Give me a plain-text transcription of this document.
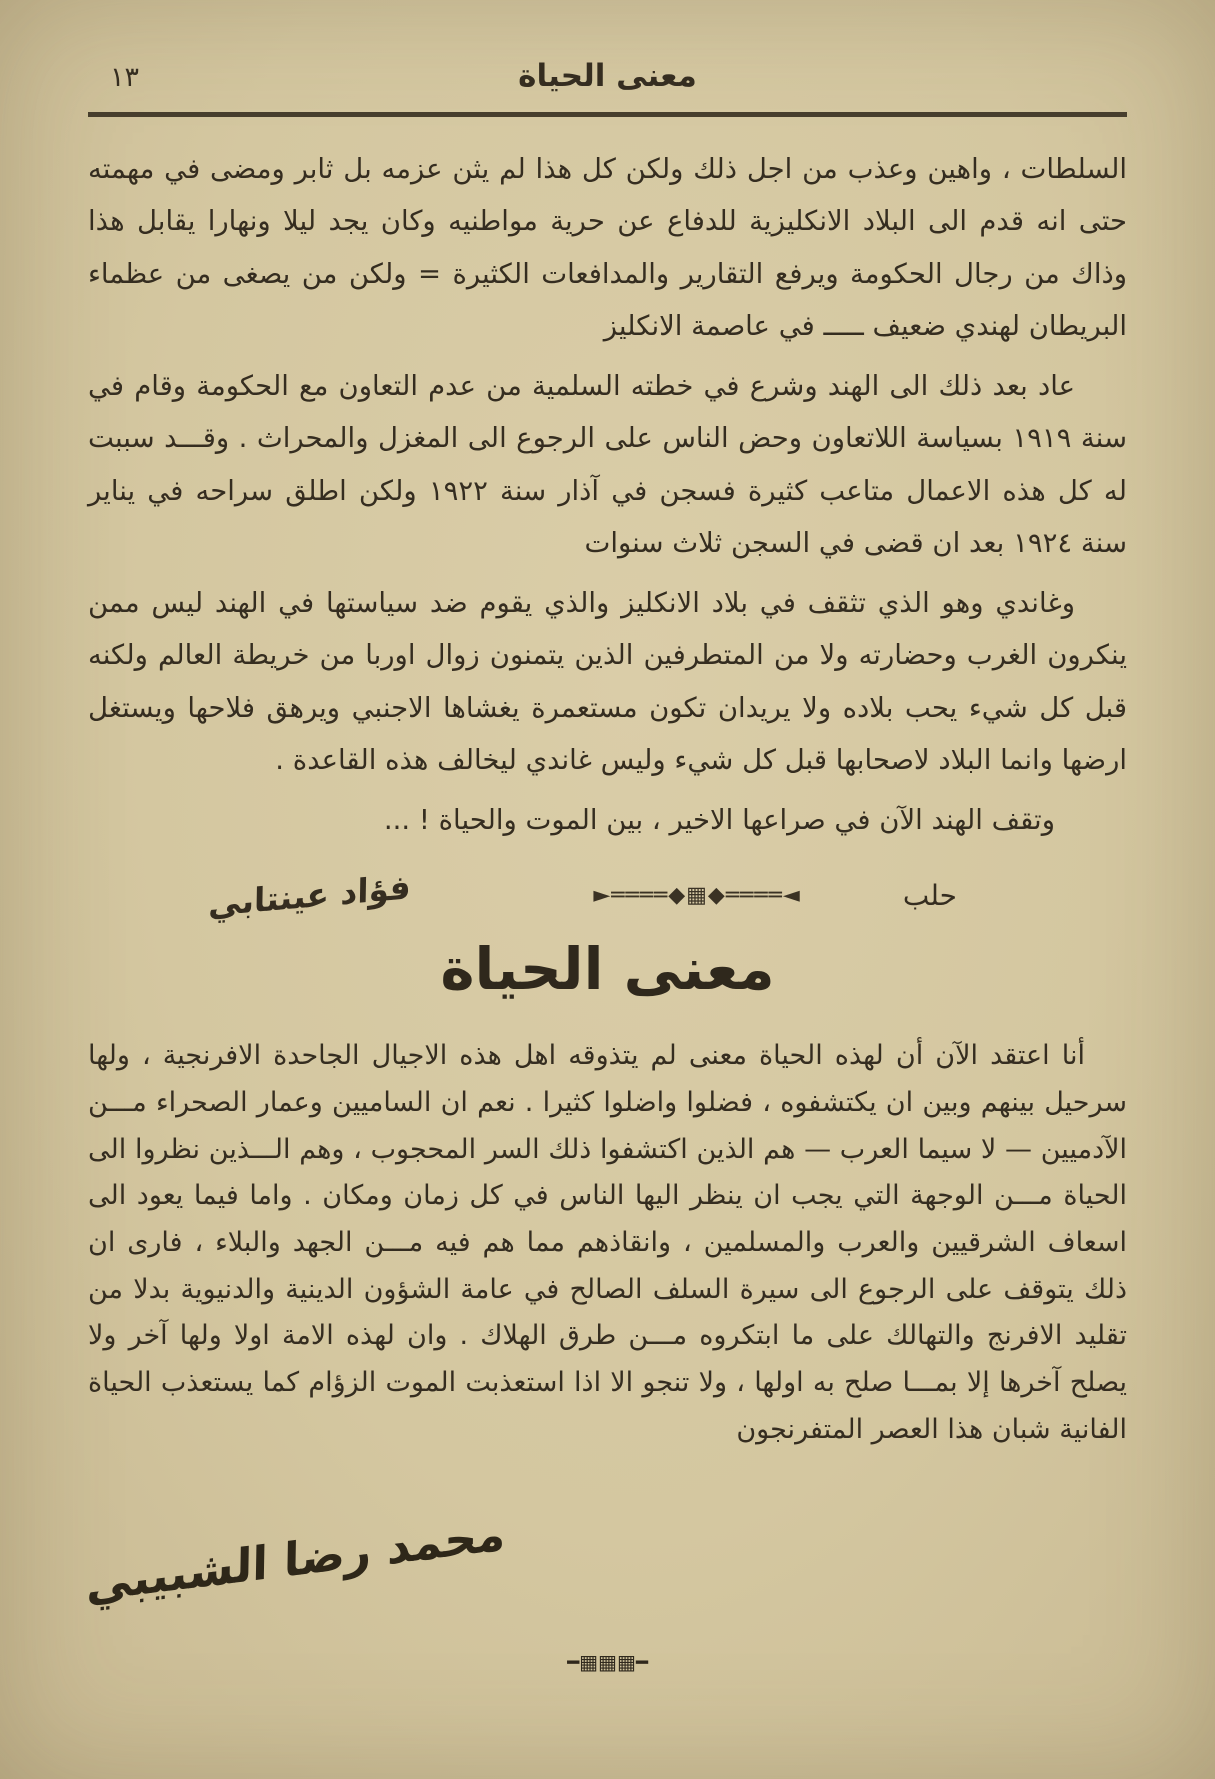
١٣	معنى الحياة

السلطات ، واهين وعذب من اجل ذلك ولكن كل هذا لم يثن عزمه بل ثابر ومضى في مهمته حتى انه قدم الى البلاد الانكليزية للدفاع عن حرية مواطنيه وكان يجد ليلا ونهارا يقابل هذا وذاك من رجال الحكومة ويرفع التقارير والمدافعات الكثيرة = ولكن من يصغى من عظماء البريطان لهندي ضعيف ـــــ في عاصمة الانكليز

عاد بعد ذلك الى الهند وشرع في خطته السلمية من عدم التعاون مع الحكومة وقام في سنة ١٩١٩ بسياسة اللاتعاون وحض الناس على الرجوع الى المغزل والمحراث . وقـــد سببت له كل هذه الاعمال متاعب كثيرة فسجن في آذار سنة ١٩٢٢ ولكن اطلق سراحه في يناير سنة ١٩٢٤ بعد ان قضى في السجن ثلاث سنوات

وغاندي وهو الذي تثقف في بلاد الانكليز والذي يقوم ضد سياستها في الهند ليس ممن ينكرون الغرب وحضارته ولا من المتطرفين الذين يتمنون زوال اوربا من خريطة العالم ولكنه قبل كل شيء يحب بلاده ولا يريدان تكون مستعمرة يغشاها الاجنبي ويرهق فلاحها ويستغل ارضها وانما البلاد لاصحابها قبل كل شيء وليس غاندي ليخالف هذه القاعدة .

وتقف الهند الآن في صراعها الاخير ، بين الموت والحياة ! ...

حلب
◄════◆▦◆════►
فؤاد عينتابي
معنى الحياة

أنا اعتقد الآن أن لهذه الحياة معنى لم يتذوقه اهل هذه الاجيال الجاحدة الافرنجية ، ولها سرحيل بينهم وبين ان يكتشفوه ، فضلوا واضلوا كثيرا . نعم ان الساميين وعمار الصحراء مـــن الآدميين — لا سيما العرب — هم الذين اكتشفوا ذلك السر المحجوب ، وهم الـــذين نظروا الى الحياة مـــن الوجهة التي يجب ان ينظر اليها الناس في كل زمان ومكان . واما فيما يعود الى اسعاف الشرقيين والعرب والمسلمين ، وانقاذهم مما هم فيه مـــن الجهد والبلاء ، فارى ان ذلك يتوقف على الرجوع الى سيرة السلف الصالح في عامة الشؤون الدينية والدنيوية بدلا من تقليد الافرنج والتهالك على ما ابتكروه مـــن طرق الهلاك . وان لهذه الامة اولا ولها آخر ولا يصلح آخرها إلا بمـــا صلح به اولها ، ولا تنجو الا اذا استعذبت الموت الزؤام كما يستعذب الحياة الفانية شبان هذا العصر المتفرنجون

محمد رضا الشبيبي
━▦▦▦━
